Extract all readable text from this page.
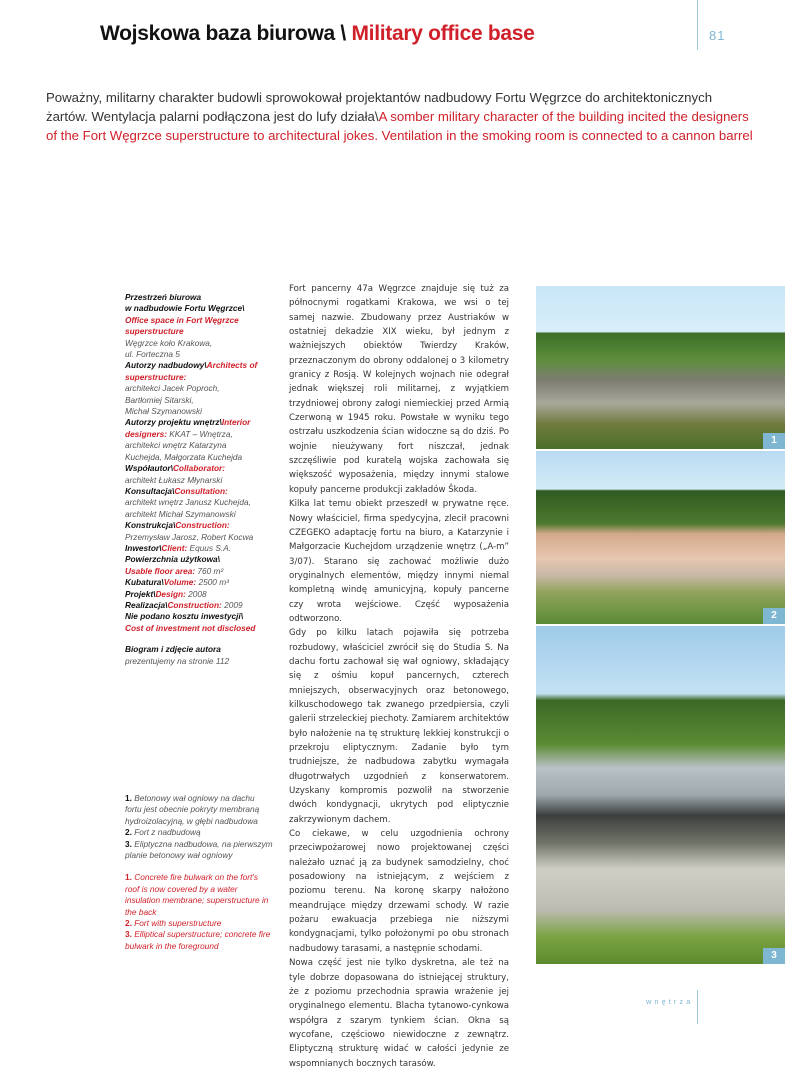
Wojskowa baza biurowa \ Military office base	81
Poważny, militarny charakter budowli sprowokował projektantów nadbudowy Fortu Węgrzce do architektonicznych żartów. Wentylacja palarni podłączona jest do lufy działa\A somber military character of the building incited the designers of the Fort Węgrzce superstructure to architectural jokes. Ventilation in the smoking room is connected to a cannon barrel
Przestrzeń biurowa
w nadbudowie Fortu Węgrzce\
Office space in Fort Węgrzce superstructure
Węgrzce koło Krakowa,
ul. Forteczna 5
Autorzy nadbudowy\Architects of superstructure:
architekci Jacek Poproch,
Bartłomiej Sitarski,
Michał Szymanowski
Autorzy projektu wnętrz\Interior designers: KKAT – Wnętrza,
architekci wnętrz Katarzyna
Kuchejda, Małgorzata Kuchejda
Współautor\Collaborator:
architekt Łukasz Młynarski
Konsultacja\Consultation:
architekt wnętrz Janusz Kuchejda,
architekt Michał Szymanowski
Konstrukcja\Construction:
Przemysław Jarosz, Robert Kocwa
Inwestor\Client: Equus S.A.
Powierzchnia użytkowa\
Usable floor area: 760 m²
Kubatura\Volume: 2500 m³
Projekt\Design: 2008
Realizacja\Construction: 2009
Nie podano kosztu inwestycji\
Cost of investment not disclosed
Biogram i zdjęcie autora
prezentujemy na stronie 112
1. Betonowy wał ogniowy na dachu fortu jest obecnie pokryty membraną hydroizolacyjną, w głębi nadbudowa
2. Fort z nadbudową
3. Eliptyczna nadbudowa, na pierwszym planie betonowy wał ogniowy
1. Concrete fire bulwark on the fort's roof is now covered by a water insulation membrane; superstructure in the back
2. Fort with superstructure
3. Elliptical superstructure; concrete fire bulwark in the foreground

Fort pancerny 47a Węgrzce znajduje się tuż za północnymi rogatkami Krakowa, we wsi o tej samej nazwie. Zbudowany przez Austriaków w ostatniej dekadzie XIX wieku, był jednym z ważniejszych obiektów Twierdzy Kraków, przeznaczonym do obrony oddalonej o 3 kilometry granicy z Rosją. W kolejnych wojnach nie odegrał jednak większej roli militarnej, z wyjątkiem trzydniowej obrony załogi niemieckiej przed Armią Czerwoną w 1945 roku. Powstałe w wyniku tego ostrzału uszkodzenia ścian widoczne są do dziś. Po wojnie nieużywany fort niszczał, jednak szczęśliwie pod kuratelą wojska zachowała się większość wyposażenia, między innymi stalowe kopuły pancerne produkcji zakładów Škoda.

Kilka lat temu obiekt przeszedł w prywatne ręce. Nowy właściciel, firma spedycyjna, zlecił pracowni CZEGEKO adaptację fortu na biuro, a Katarzynie i Małgorzacie Kuchejdom urządzenie wnętrz („A-m” 3/07). Starano się zachować możliwie dużo oryginalnych elementów, między innymi niemal kompletną windę amunicyjną, kopuły pancerne czy wrota wejściowe. Część wyposażenia odtworzono.

Gdy po kilku latach pojawiła się potrzeba rozbudowy, właściciel zwrócił się do Studia S. Na dachu fortu zachował się wał ogniowy, składający się z ośmiu kopuł pancernych, czterech mniejszych, obserwacyjnych oraz betonowego, kilkuschodowego tak zwanego przedpiersia, czyli galerii strzeleckiej piechoty. Zamiarem architektów było nałożenie na tę strukturę lekkiej konstrukcji o przekroju eliptycznym. Zadanie było tym trudniejsze, że nadbudowa zabytku wymagała długotrwałych uzgodnień z konserwatorem. Uzyskany kompromis pozwolił na stworzenie dwóch kondygnacji, ukrytych pod eliptycznie zakrzywionym dachem.

Co ciekawe, w celu uzgodnienia ochrony przeciwpożarowej nowo projektowanej części należało uznać ją za budynek samodzielny, choć posadowiony na istniejącym, z wejściem z poziomu terenu. Na koronę skarpy nałożono meandrujące między drzewami schody. W razie pożaru ewakuacja przebiega nie niższymi kondygnacjami, tylko położonymi po obu stronach nadbudowy tarasami, a następnie schodami.

Nowa część jest nie tylko dyskretna, ale też na tyle dobrze dopasowana do istniejącej struktury, że z poziomu przechodnia sprawia wrażenie jej oryginalnego elementu. Blacha tytanowo-cynkowa współgra z szarym tynkiem ścian. Okna są wycofane, częściowo niewidoczne z zewnątrz. Eliptyczną strukturę widać w całości jedynie ze wspomnianych bocznych tarasów.

1
2
3
wnętrza
